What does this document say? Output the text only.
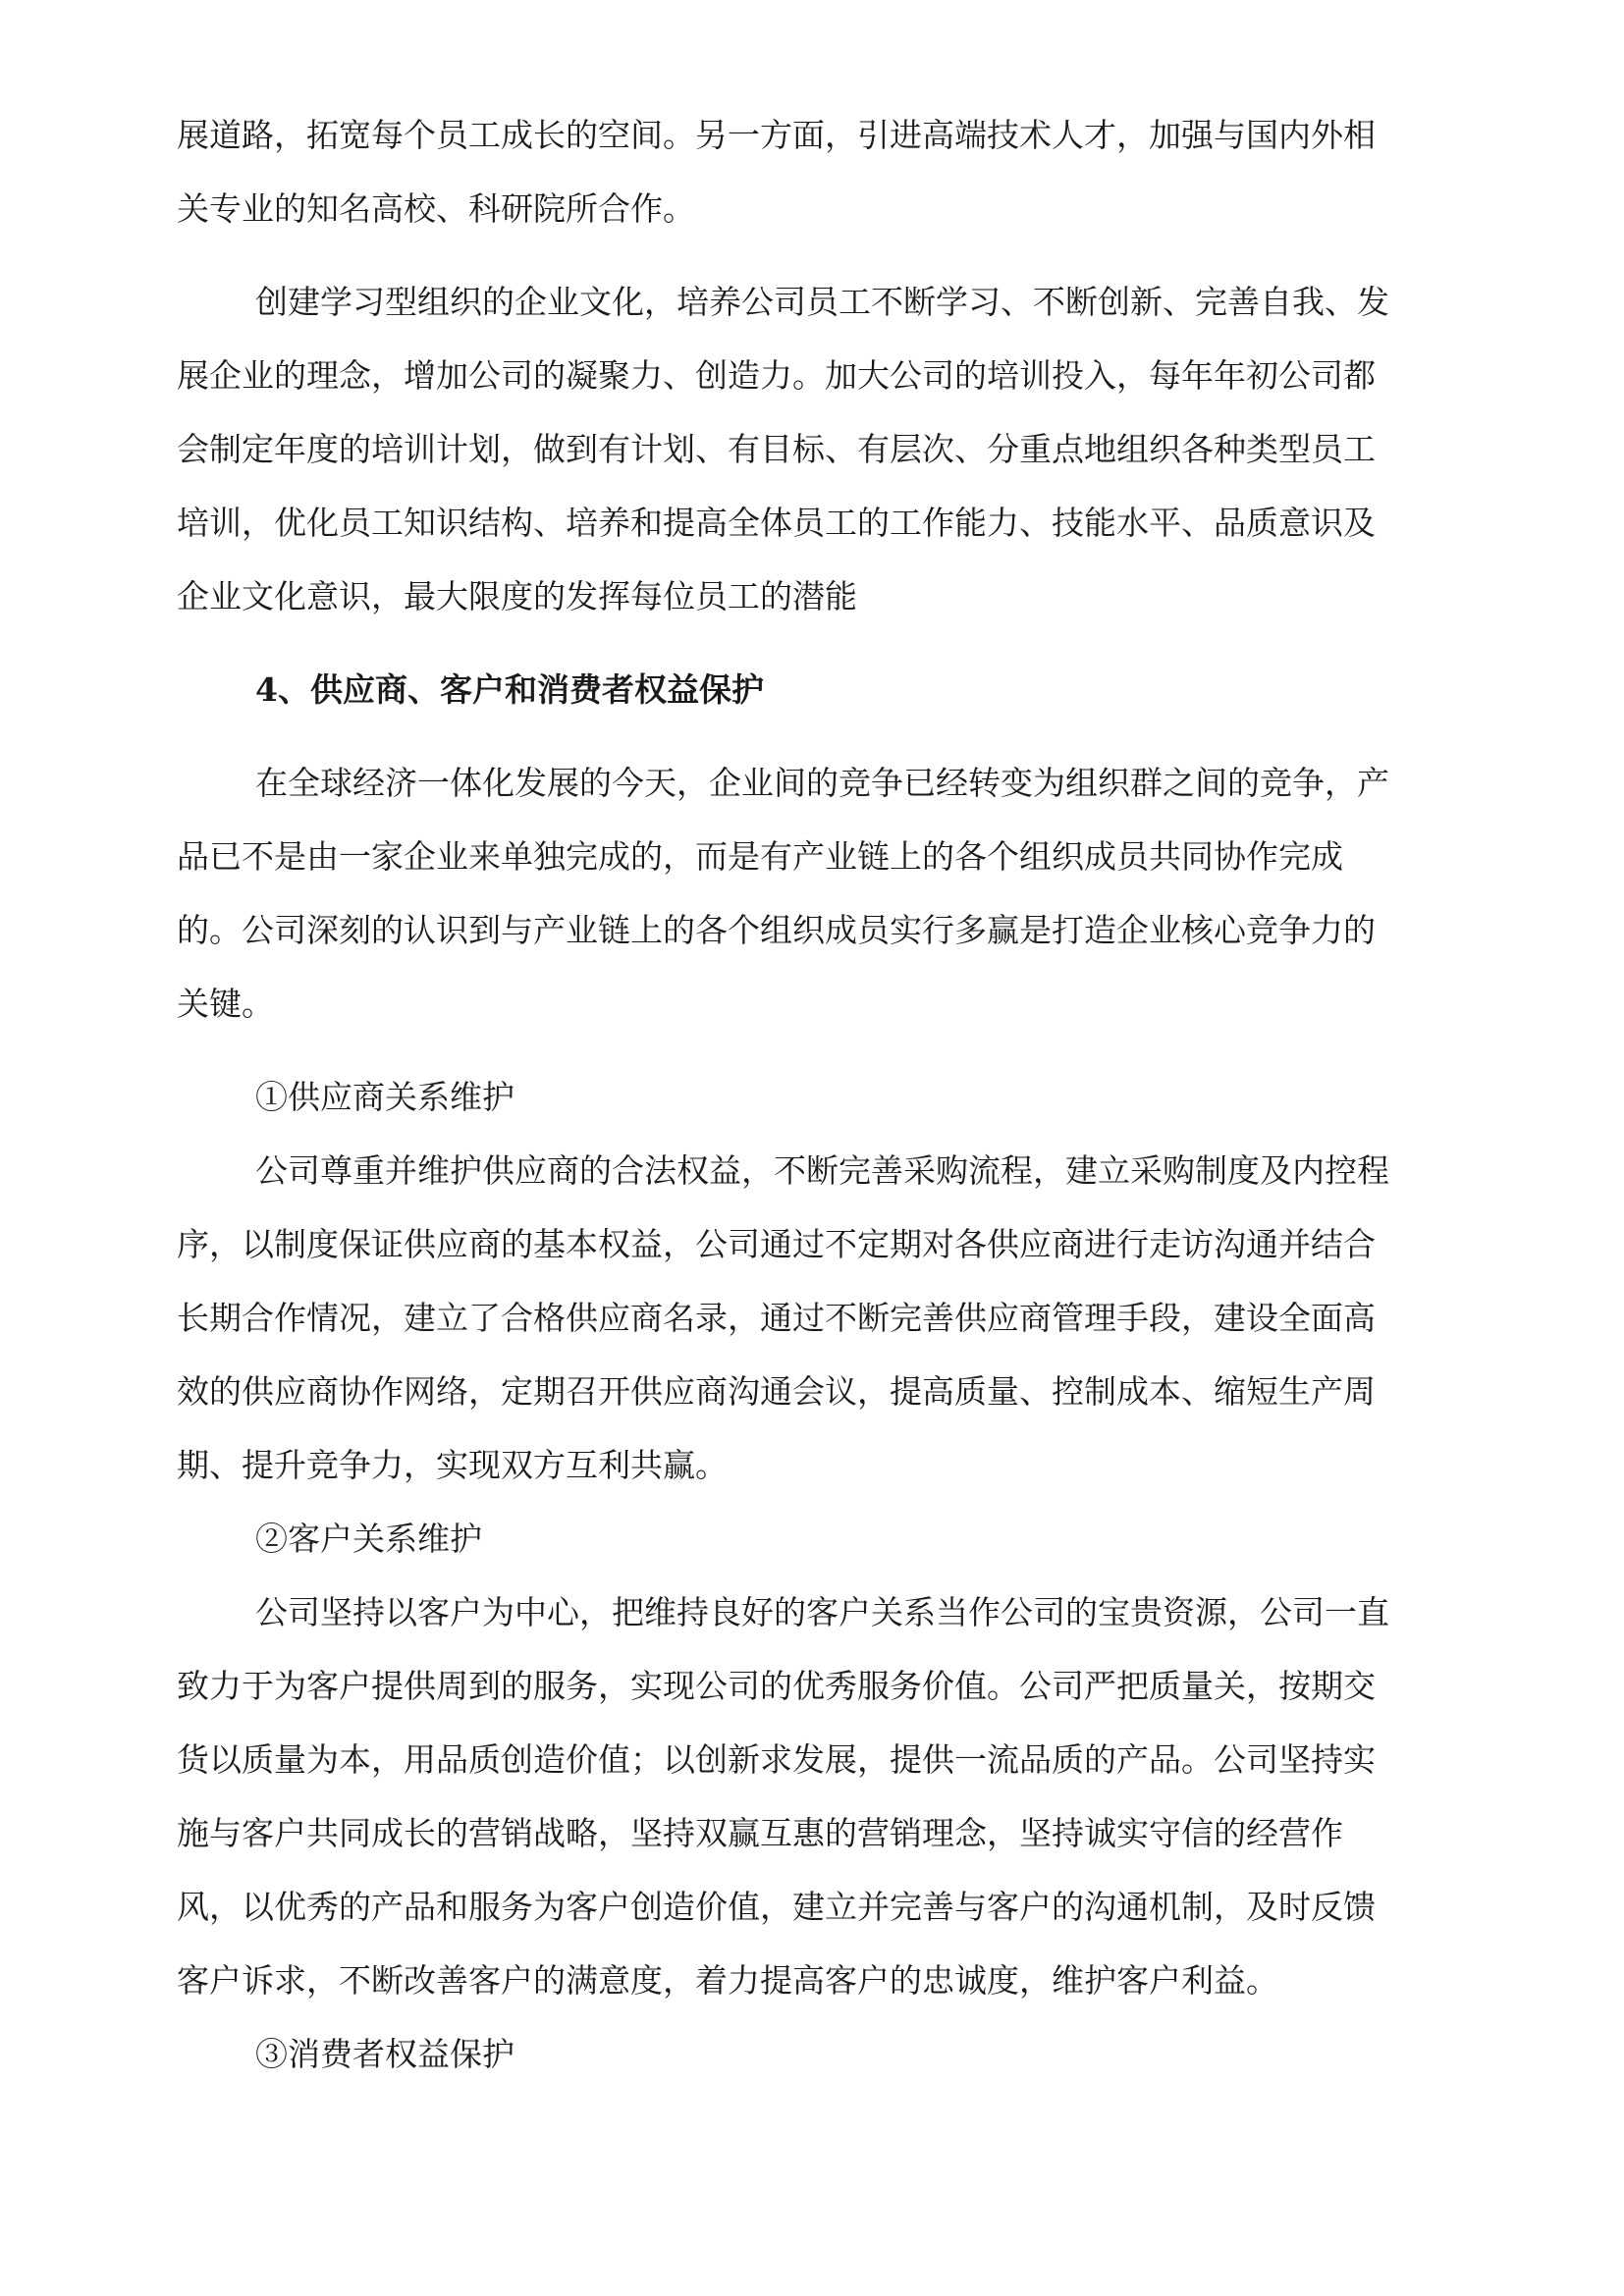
展道路，拓宽每个员工成长的空间。另一方面，引进高端技术人才，加强与国内外相
关专业的知名高校、科研院所合作。
创建学习型组织的企业文化，培养公司员工不断学习、不断创新、完善自我、发
展企业的理念，增加公司的凝聚力、创造力。加大公司的培训投入，每年年初公司都
会制定年度的培训计划，做到有计划、有目标、有层次、分重点地组织各种类型员工
培训，优化员工知识结构、培养和提高全体员工的工作能力、技能水平、品质意识及
企业文化意识，最大限度的发挥每位员工的潜能
4、供应商、客户和消费者权益保护
在全球经济一体化发展的今天，企业间的竞争已经转变为组织群之间的竞争，产
品已不是由一家企业来单独完成的，而是有产业链上的各个组织成员共同协作完成
的。公司深刻的认识到与产业链上的各个组织成员实行多赢是打造企业核心竞争力的
关键。
①供应商关系维护
公司尊重并维护供应商的合法权益，不断完善采购流程，建立采购制度及内控程
序，以制度保证供应商的基本权益，公司通过不定期对各供应商进行走访沟通并结合
长期合作情况，建立了合格供应商名录，通过不断完善供应商管理手段，建设全面高
效的供应商协作网络，定期召开供应商沟通会议，提高质量、控制成本、缩短生产周
期、提升竞争力，实现双方互利共赢。
②客户关系维护
公司坚持以客户为中心，把维持良好的客户关系当作公司的宝贵资源，公司一直
致力于为客户提供周到的服务，实现公司的优秀服务价值。公司严把质量关，按期交
货以质量为本，用品质创造价值；以创新求发展，提供一流品质的产品。公司坚持实
施与客户共同成长的营销战略，坚持双赢互惠的营销理念，坚持诚实守信的经营作
风，以优秀的产品和服务为客户创造价值，建立并完善与客户的沟通机制，及时反馈
客户诉求，不断改善客户的满意度，着力提高客户的忠诚度，维护客户利益。
③消费者权益保护
